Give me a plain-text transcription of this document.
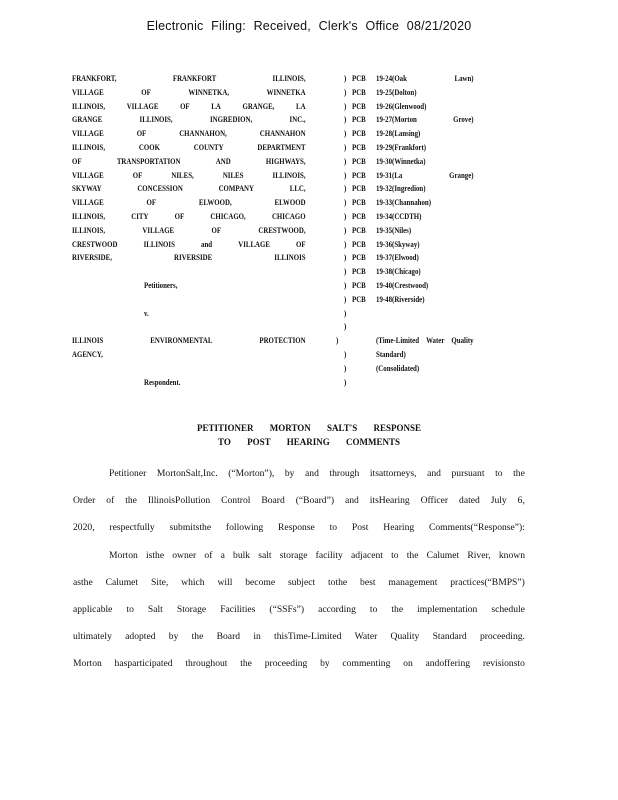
Electronic Filing: Received, Clerk's Office 08/21/2020
FRANKFORT,	FRANKFORT	ILLINOIS,	) PCB 19-24(Oak	Lawn)
VILLAGE	OF	WINNETKA,	WINNETKA	) PCB 19-25(Dolton)
ILLINOIS,	VILLAGE	OF	LA	GRANGE,	LA	) PCB 19-26(Glenwood)
GRANGE	ILLINOIS,	INGREDION,	INC.,	) PCB 19-27(Morton	Grove)
VILLAGE	OF	CHANNAHON,	CHANNAHON	) PCB 19-28(Lansing)
ILLINOIS,	COOK	COUNTY	DEPARTMENT	) PCB 19-29(Frankfort)
OF	TRANSPORTATION	AND	HIGHWAYS,	) PCB 19-30(Winnetka)
VILLAGE	OF	NILES,	NILES	ILLINOIS,	) PCB 19-31(La	Grange)
SKYWAY	CONCESSION	COMPANY	LLC,	) PCB 19-32(Ingredion)
VILLAGE	OF	ELWOOD,	ELWOOD	) PCB 19-33(Channahon)
ILLINOIS,	CITY	OF	CHICAGO,	CHICAGO	) PCB 19-34(CCDTH)
ILLINOIS,	VILLAGE	OF	CRESTWOOD,	) PCB 19-35(Niles)
CRESTWOOD	ILLINOIS	and	VILLAGE	OF	) PCB 19-36(Skyway)
RIVERSIDE,	RIVERSIDE	ILLINOIS	) PCB 19-37(Elwood)
) PCB 19-38(Chicago)
Petitioners,	) PCB 19-40(Crestwood)
) PCB 19-48(Riverside)
v.	)
)
ILLINOIS	ENVIRONMENTAL	PROTECTION	)	(Time-Limited Water Quality
AGENCY,	)	Standard)
)	(Consolidated)
Respondent.	)
PETITIONER MORTON SALT'S RESPONSE
TO POST HEARING COMMENTS
Petitioner MortonSalt,Inc. (“Morton”), by and through itsattorneys, and pursuant to the
Order of the IllinoisPollution Control Board (“Board”) and itsHearing Officer dated July 6,
2020, respectfully submitsthe following Response to Post Hearing Comments(“Response”):
Morton isthe owner of a bulk salt storage facility adjacent to the Calumet River, known
asthe Calumet Site, which will become subject tothe best management practices(“BMPS”)
applicable to Salt Storage Facilities (“SSFs”) according to the implementation schedule
ultimately adopted by the Board in thisTime-Limited Water Quality Standard proceeding.
Morton hasparticipated throughout the proceeding by commenting on andoffering revisionsto
